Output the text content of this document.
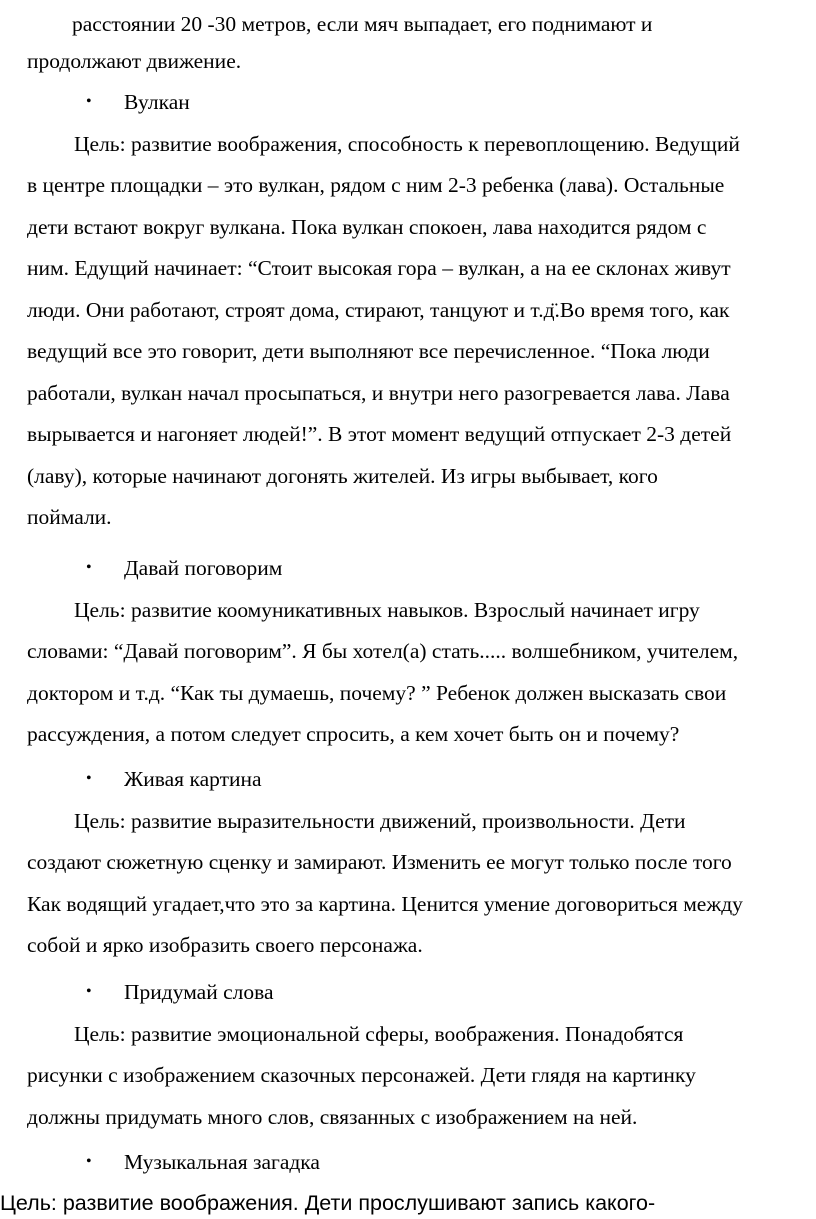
расстоянии 20 -30 метров, если мяч выпадает, его поднимают и
продолжают движение.
• Вулкан
Цель: развитие воображения, способность к перевоплощению. Ведущий
в центре площадки – это вулкан, рядом с ним 2-3 ребенка (лава). Остальные
дети встают вокруг вулкана. Пока вулкан спокоен, лава находится рядом с
ним. Едущий начинает: “Стоит высокая гора – вулкан, а на ее склонах живут
люди. Они работают, строят дома, стирают, танцуют и т.д̈.Во время того, как
ведущий все это говорит, дети выполняют все перечисленное. “Пока люди
работали, вулкан начал просыпаться, и внутри него разогревается лава. Лава
вырывается и нагоняет людей!”. В этот момент ведущий отпускает 2-3 детей
(лаву), которые начинают догонять жителей. Из игры выбывает, кого
поймали.
• Давай поговорим
Цель: развитие коомуникативных навыков. Взрослый начинает игру
словами: “Давай поговорим”. Я бы хотел(а) стать..... волшебником, учителем,
доктором и т.д. “Как ты думаешь, почему? ” Ребенок должен высказать свои
рассуждения, а потом следует спросить, а кем хочет быть он и почему?
• Живая картина
Цель: развитие выразительности движений, произвольности. Дети
создают сюжетную сценку и замирают. Изменить ее могут только после того
Как водящий угадает,что это за картина. Ценится умение договориться между
собой и ярко изобразить своего персонажа.
• Придумай слова
Цель: развитие эмоциональной сферы, воображения. Понадобятся
рисунки с изображением сказочных персонажей. Дети глядя на картинку
должны придумать много слов, связанных с изображением на ней.
• Музыкальная загадка
Цель: развитие воображения. Дети прослушивают запись какого-
